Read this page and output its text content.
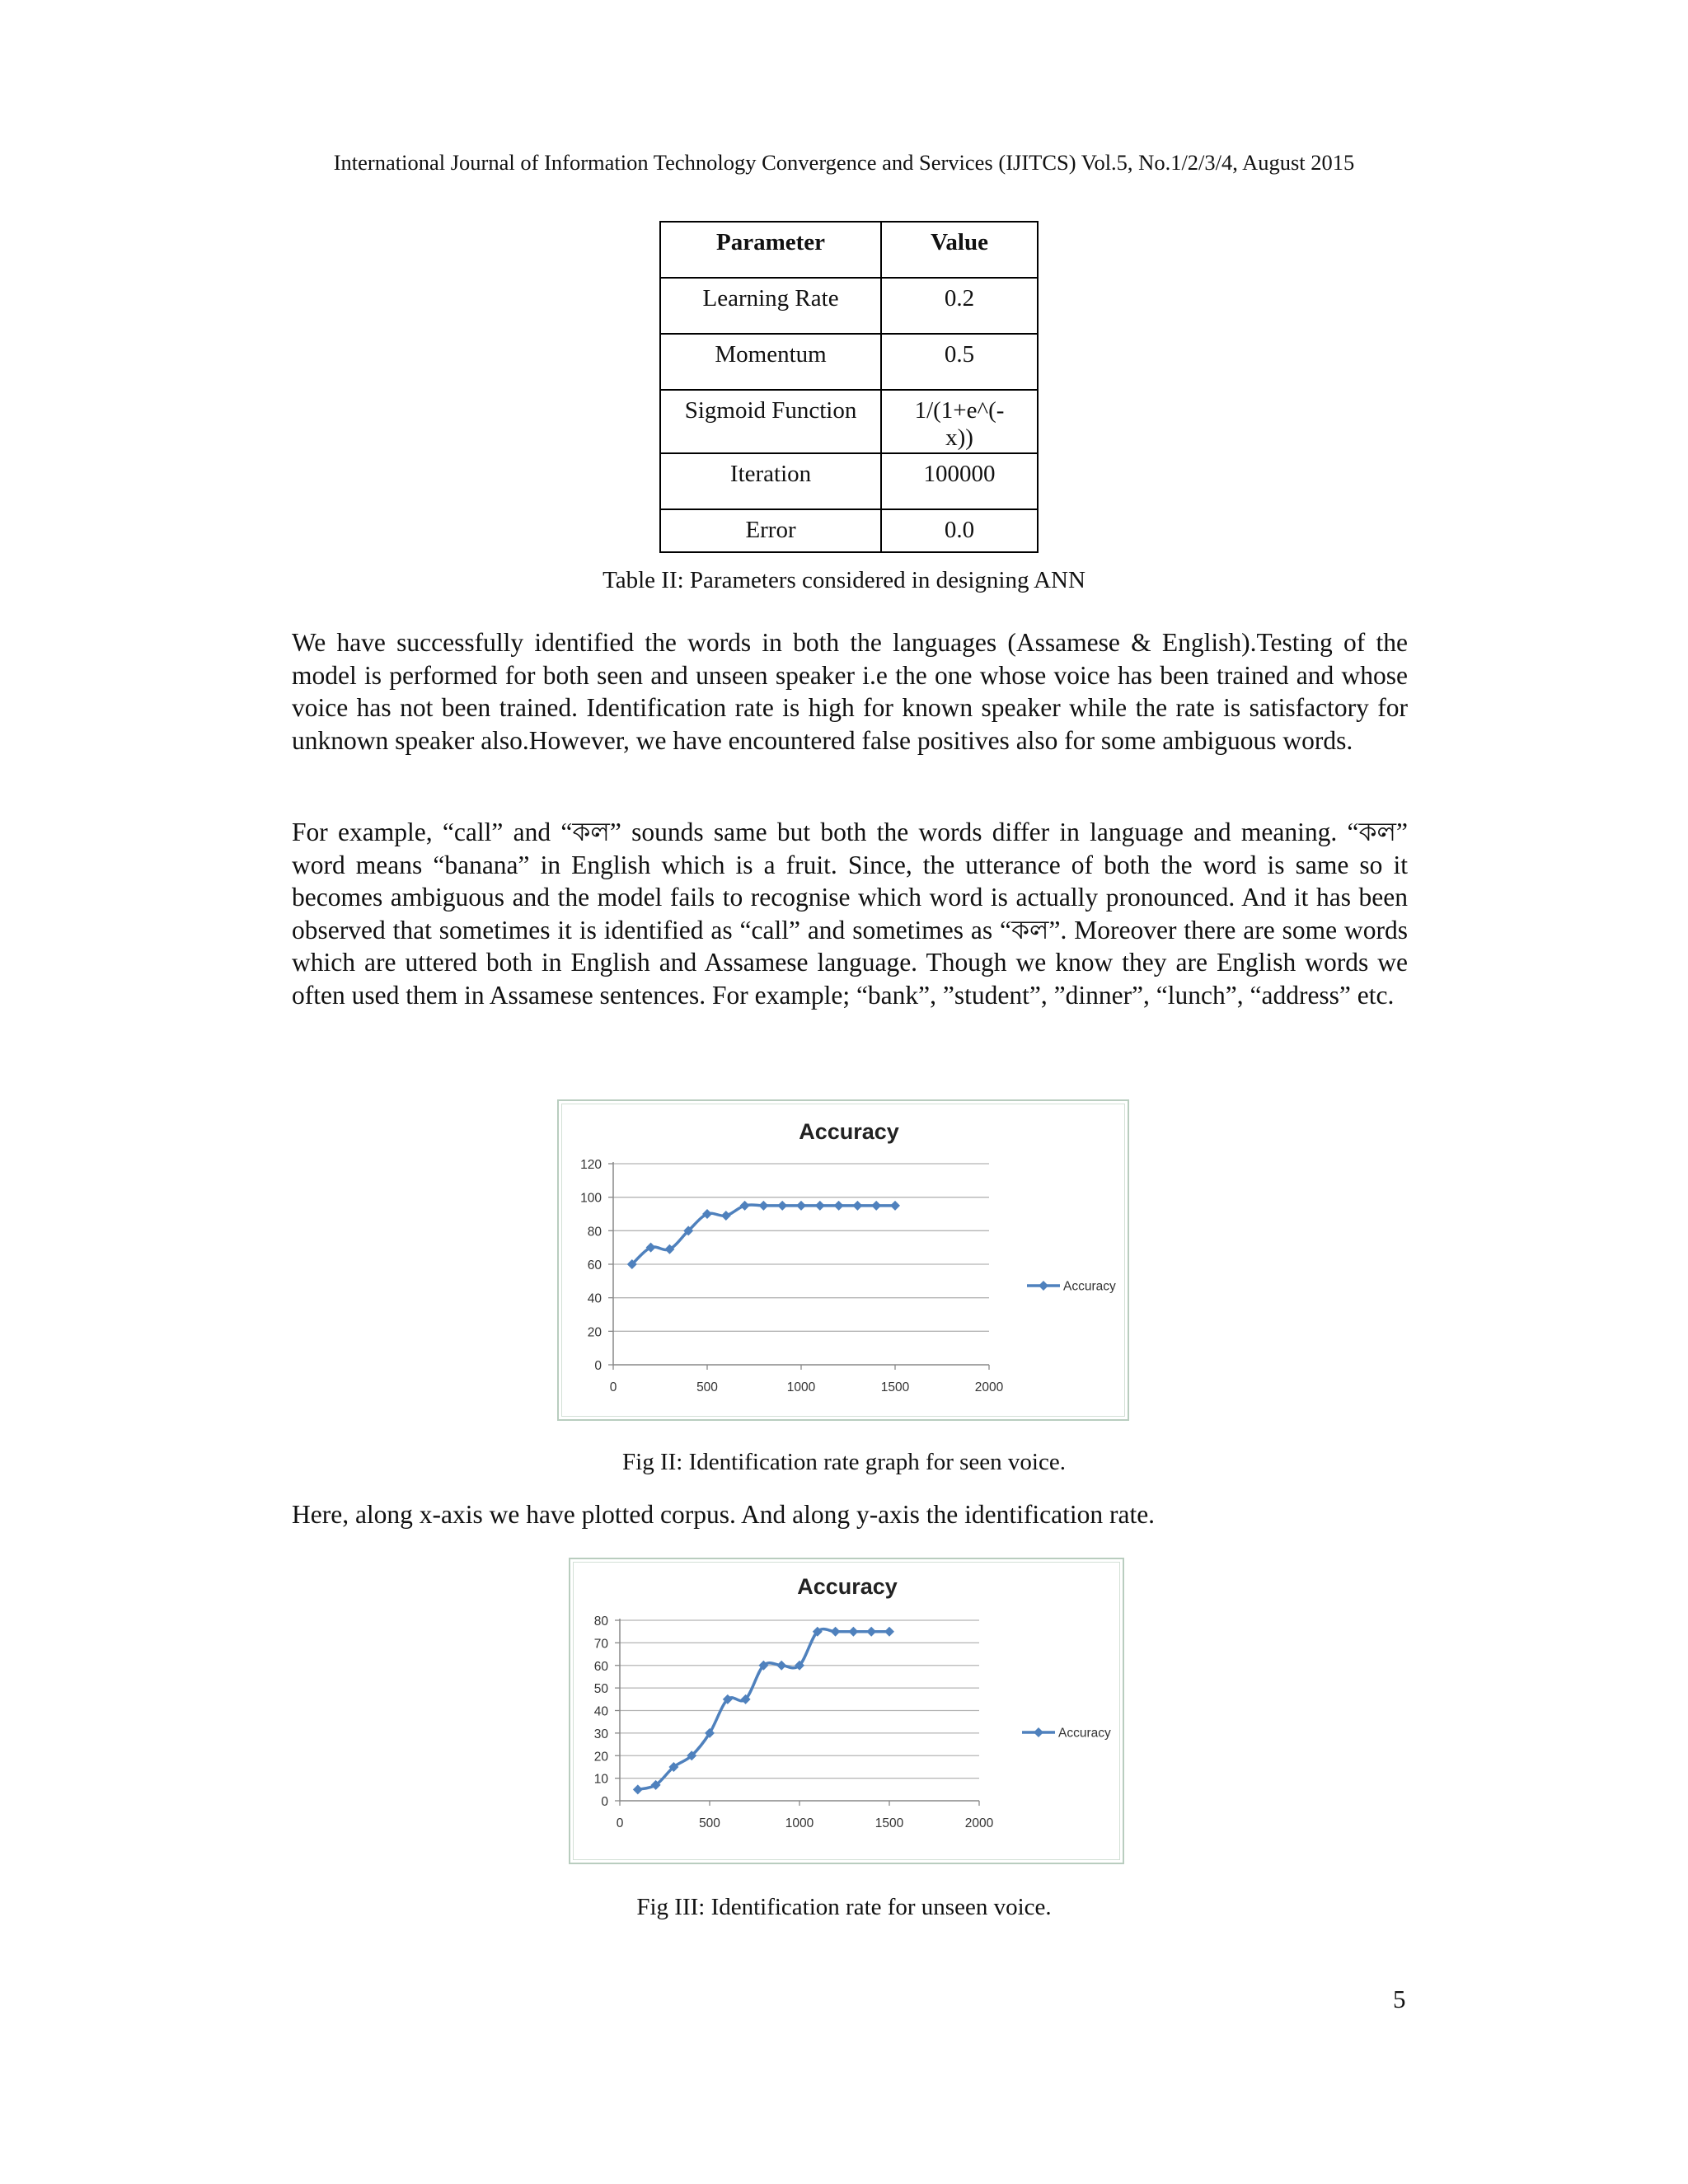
International Journal of Information Technology Convergence and Services (IJITCS) Vol.5, No.1/2/3/4, August 2015
Parameter	Value
Learning Rate	0.2
Momentum	0.5
Sigmoid Function	1/(1+e^(-
x))
Iteration	100000
Error	0.0
Table II: Parameters considered in designing ANN

We have successfully identified the words in both the languages (Assamese & English).Testing of the model is performed for both seen and unseen speaker i.e the one whose voice has been trained and whose voice has not been trained. Identification rate is high for known speaker while the rate is satisfactory for unknown speaker also.However, we have encountered false positives also for some ambiguous words.

For example, “call” and “কল” sounds same but both the words differ in language and meaning. “কল” word means “banana” in English which is a fruit. Since, the utterance of both the word is same so it becomes ambiguous and the model fails to recognise which word is actually pronounced. And it has been observed that sometimes it is identified as “call” and sometimes as “কল”. Moreover there are some words which are uttered both in English and Assamese language. Though we know they are English words we often used them in Assamese sentences. For example; “bank”, ”student”, ”dinner”, “lunch”, “address” etc.

Accuracy
0
20
40
60
80
100
120
0	500	1000	1500	2000
Accuracy
Fig II: Identification rate graph for seen voice.

Here, along x-axis we have plotted corpus. And along y-axis the identification rate.

Accuracy
0
10
20
30
40
50
60
70
80
0	500	1000	1500	2000
Accuracy
Fig III: Identification rate for unseen voice.
5
